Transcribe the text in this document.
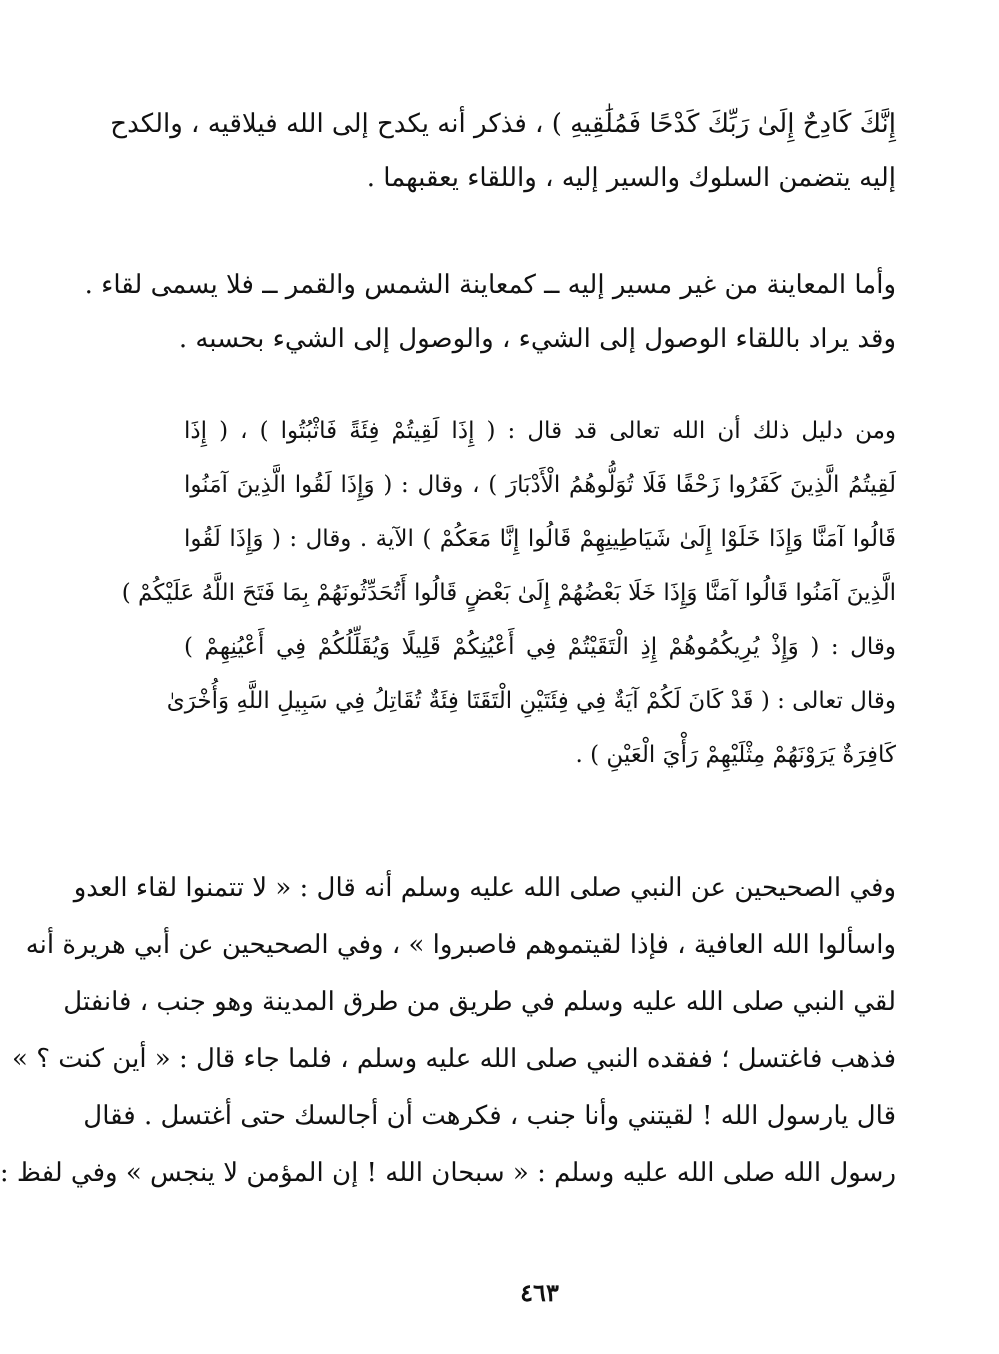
إِنَّكَ كَادِحٌ إِلَىٰ رَبِّكَ كَدْحًا فَمُلَٰقِيهِ ) ، فذكر أنه يكدح إلى الله فيلاقيه ، والكدح
إليه يتضمن السلوك والسير إليه ، واللقاء يعقبهما .
وأما المعاينة من غير مسير إليه ــ كمعاينة الشمس والقمر ــ فلا يسمى لقاء .
وقد يراد باللقاء الوصول إلى الشيء ، والوصول إلى الشيء بحسبه .
ومن دليل ذلك أن الله تعالى قد قال : ( إِذَا لَقِيتُمْ فِئَةً فَاثْبُتُوا ) ، ( إِذَا
لَقِيتُمُ الَّذِينَ كَفَرُوا زَحْفًا فَلَا تُوَلُّوهُمُ الْأَدْبَارَ ) ، وقال : ( وَإِذَا لَقُوا الَّذِينَ آمَنُوا
قَالُوا آمَنَّا وَإِذَا خَلَوْا إِلَىٰ شَيَاطِينِهِمْ قَالُوا إِنَّا مَعَكُمْ ) الآية . وقال : ( وَإِذَا لَقُوا
الَّذِينَ آمَنُوا قَالُوا آمَنَّا وَإِذَا خَلَا بَعْضُهُمْ إِلَىٰ بَعْضٍ قَالُوا أَتُحَدِّثُونَهُمْ بِمَا فَتَحَ اللَّهُ عَلَيْكُمْ )
وقال : ( وَإِذْ يُرِيكُمُوهُمْ إِذِ الْتَقَيْتُمْ فِي أَعْيُنِكُمْ قَلِيلًا وَيُقَلِّلُكُمْ فِي أَعْيُنِهِمْ )
وقال تعالى : ( قَدْ كَانَ لَكُمْ آيَةٌ فِي فِئَتَيْنِ الْتَقَتَا فِئَةٌ تُقَاتِلُ فِي سَبِيلِ اللَّهِ وَأُخْرَىٰ
كَافِرَةٌ يَرَوْنَهُمْ مِثْلَيْهِمْ رَأْيَ الْعَيْنِ ) .
وفي الصحيحين عن النبي صلى الله عليه وسلم أنه قال : « لا تتمنوا لقاء العدو
واسألوا الله العافية ، فإذا لقيتموهم فاصبروا » ، وفي الصحيحين عن أبي هريرة أنه
لقي النبي صلى الله عليه وسلم في طريق من طرق المدينة وهو جنب ، فانفتل
فذهب فاغتسل ؛ ففقده النبي صلى الله عليه وسلم ، فلما جاء قال : « أين كنت ؟ »
قال يارسول الله ! لقيتني وأنا جنب ، فكرهت أن أجالسك حتى أغتسل . فقال
رسول الله صلى الله عليه وسلم : « سبحان الله ! إن المؤمن لا ينجس » وفي لفظ :
٤٦٣
